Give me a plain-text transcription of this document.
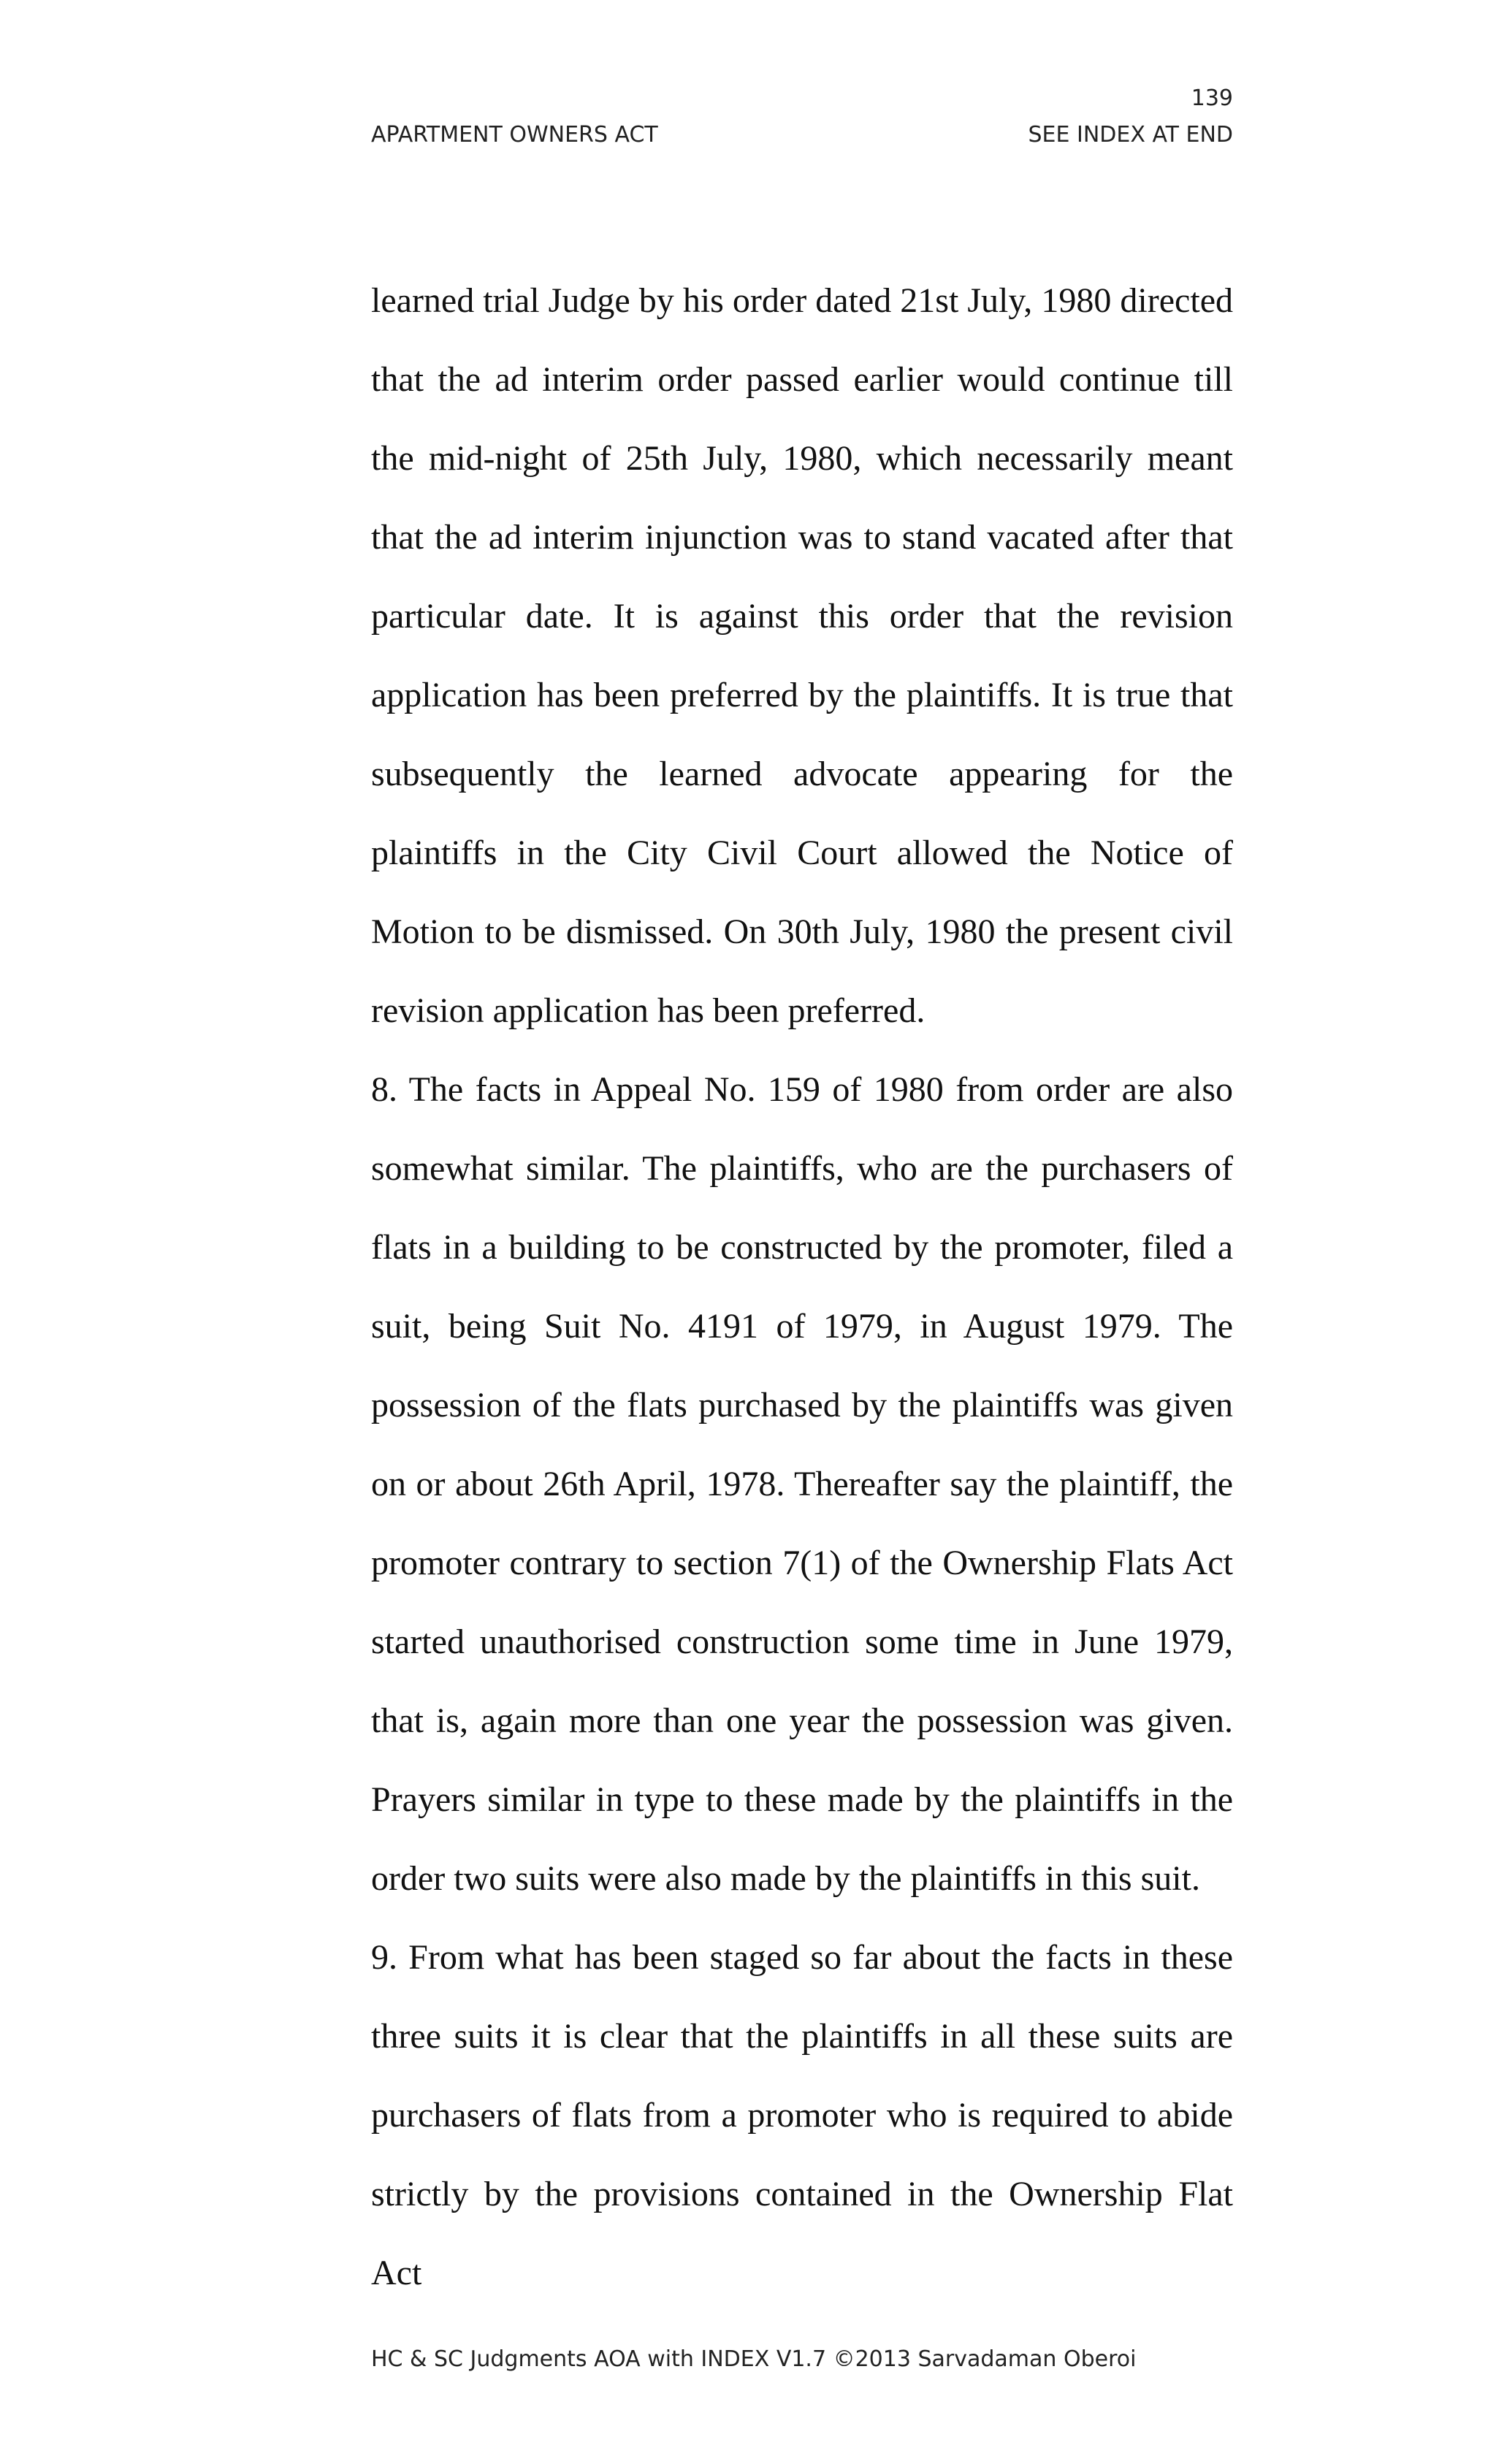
139
APARTMENT OWNERS ACT	SEE INDEX AT END

learned trial Judge by his order dated 21st July, 1980 directed that the ad interim order passed earlier would continue till the mid-night of 25th July, 1980, which necessarily meant that the ad interim injunction was to stand vacated after that particular date. It is against this order that the revision application has been preferred by the plaintiffs. It is true that subsequently the learned advocate appearing for the plaintiffs in the City Civil Court allowed the Notice of Motion to be dismissed. On 30th July, 1980 the present civil revision application has been preferred.

8. The facts in Appeal No. 159 of 1980 from order are also somewhat similar. The plaintiffs, who are the purchasers of flats in a building to be constructed by the promoter, filed a suit, being Suit No. 4191 of 1979, in August 1979. The possession of the flats purchased by the plaintiffs was given on or about 26th April, 1978. Thereafter say the plaintiff, the promoter contrary to section 7(1) of the Ownership Flats Act started unauthorised construction some time in June 1979, that is, again more than one year the possession was given. Prayers similar in type to these made by the plaintiffs in the order two suits were also made by the plaintiffs in this suit.

9. From what has been staged so far about the facts in these three suits it is clear that the plaintiffs in all these suits are purchasers of flats from a promoter who is required to abide strictly by the provisions contained in the Ownership Flat Act

HC & SC Judgments AOA with INDEX V1.7 ©2013 Sarvadaman Oberoi
